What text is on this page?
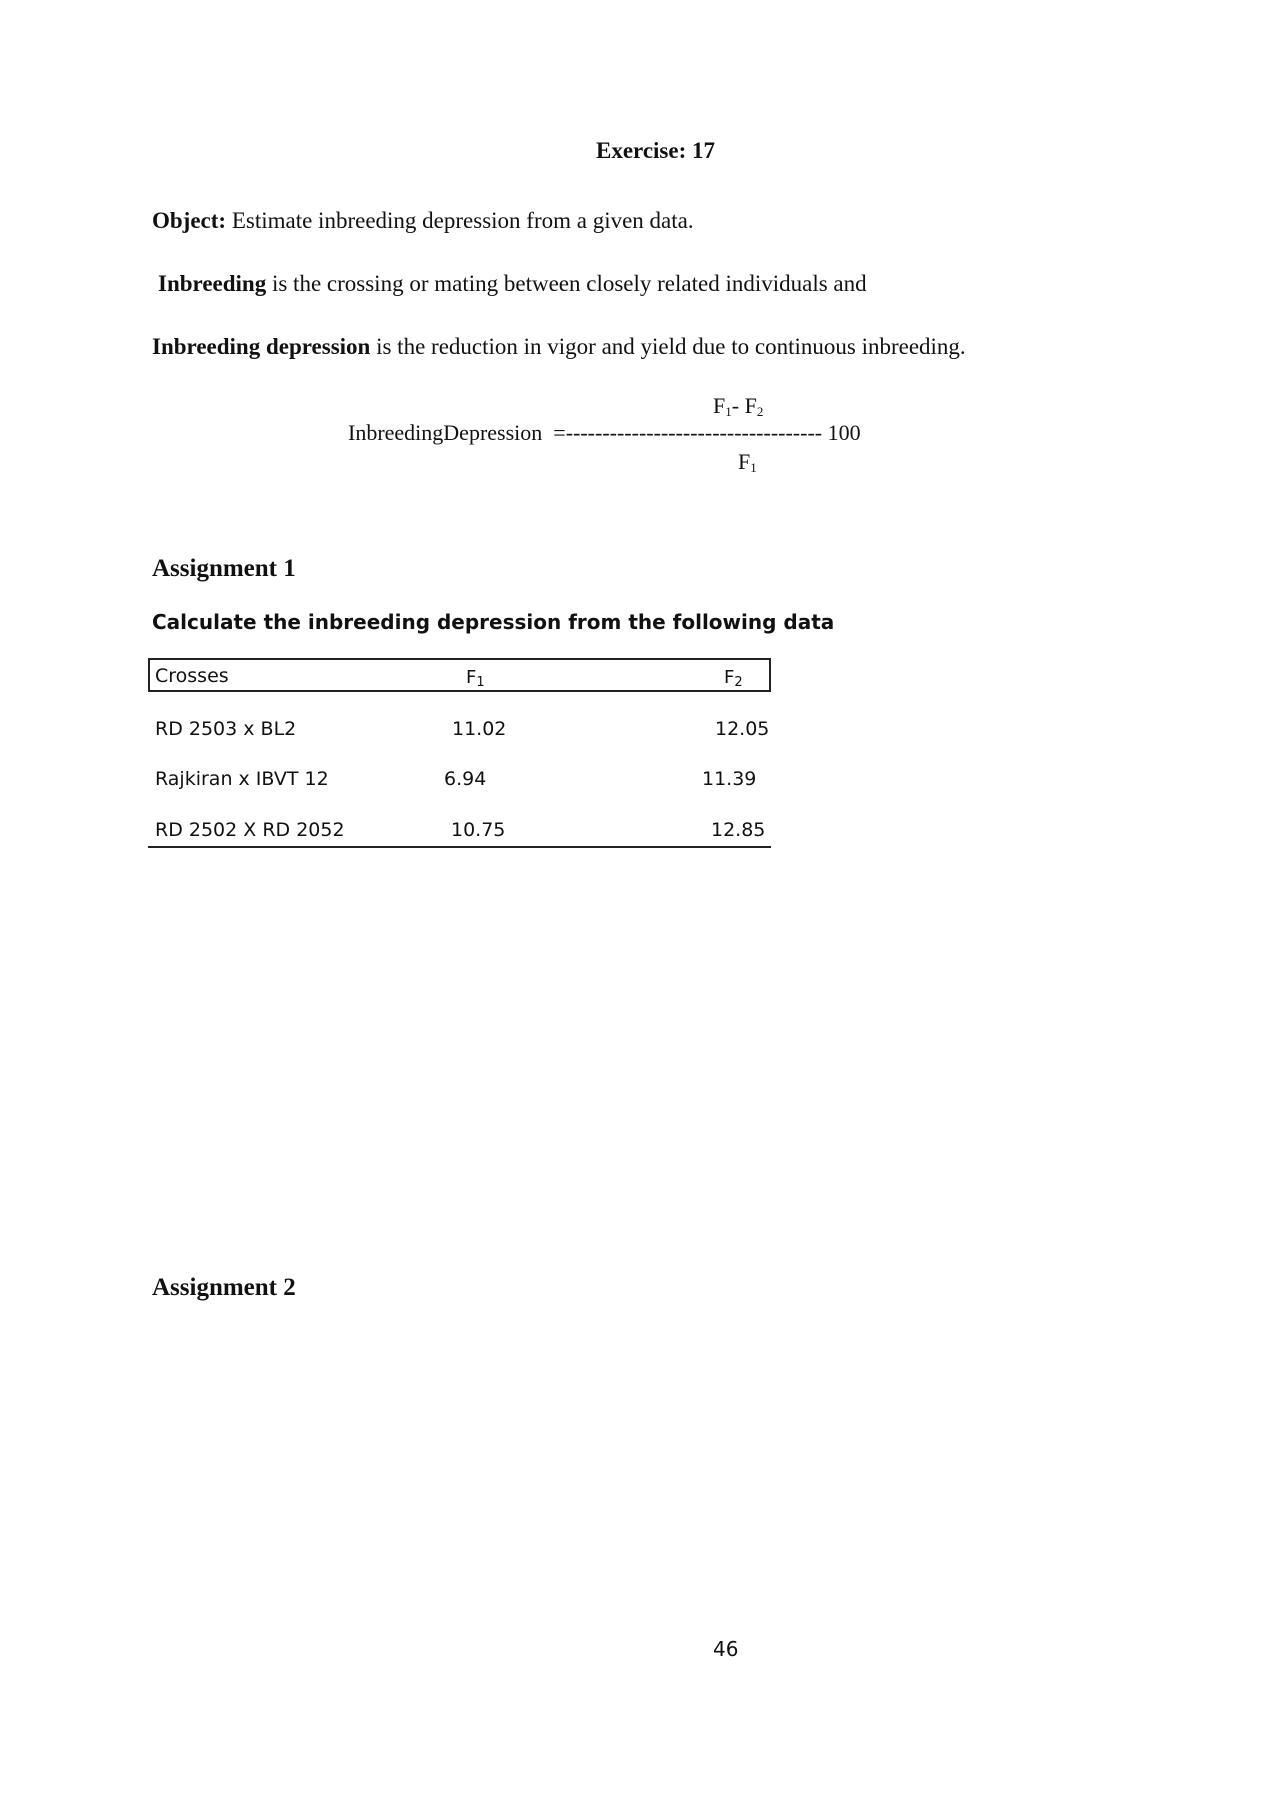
Exercise: 17
Object: Estimate inbreeding depression from a given data.
Inbreeding is the crossing or mating between closely related individuals and
Inbreeding depression is the reduction in vigor and yield due to continuous inbreeding.
$F_1-$ $F_2$
InbreedingDepression =----------------------------------- 100
$F_1$
Assignment 1
Calculate the inbreeding depression from the following data
Crosses	$F_1$	$F_2$
RD 2503 x BL2	11.02	12.05
Rajkiran x IBVT 12	6.94	11.39
RD 2502 X RD 2052	10.75	12.85
Assignment 2
46
